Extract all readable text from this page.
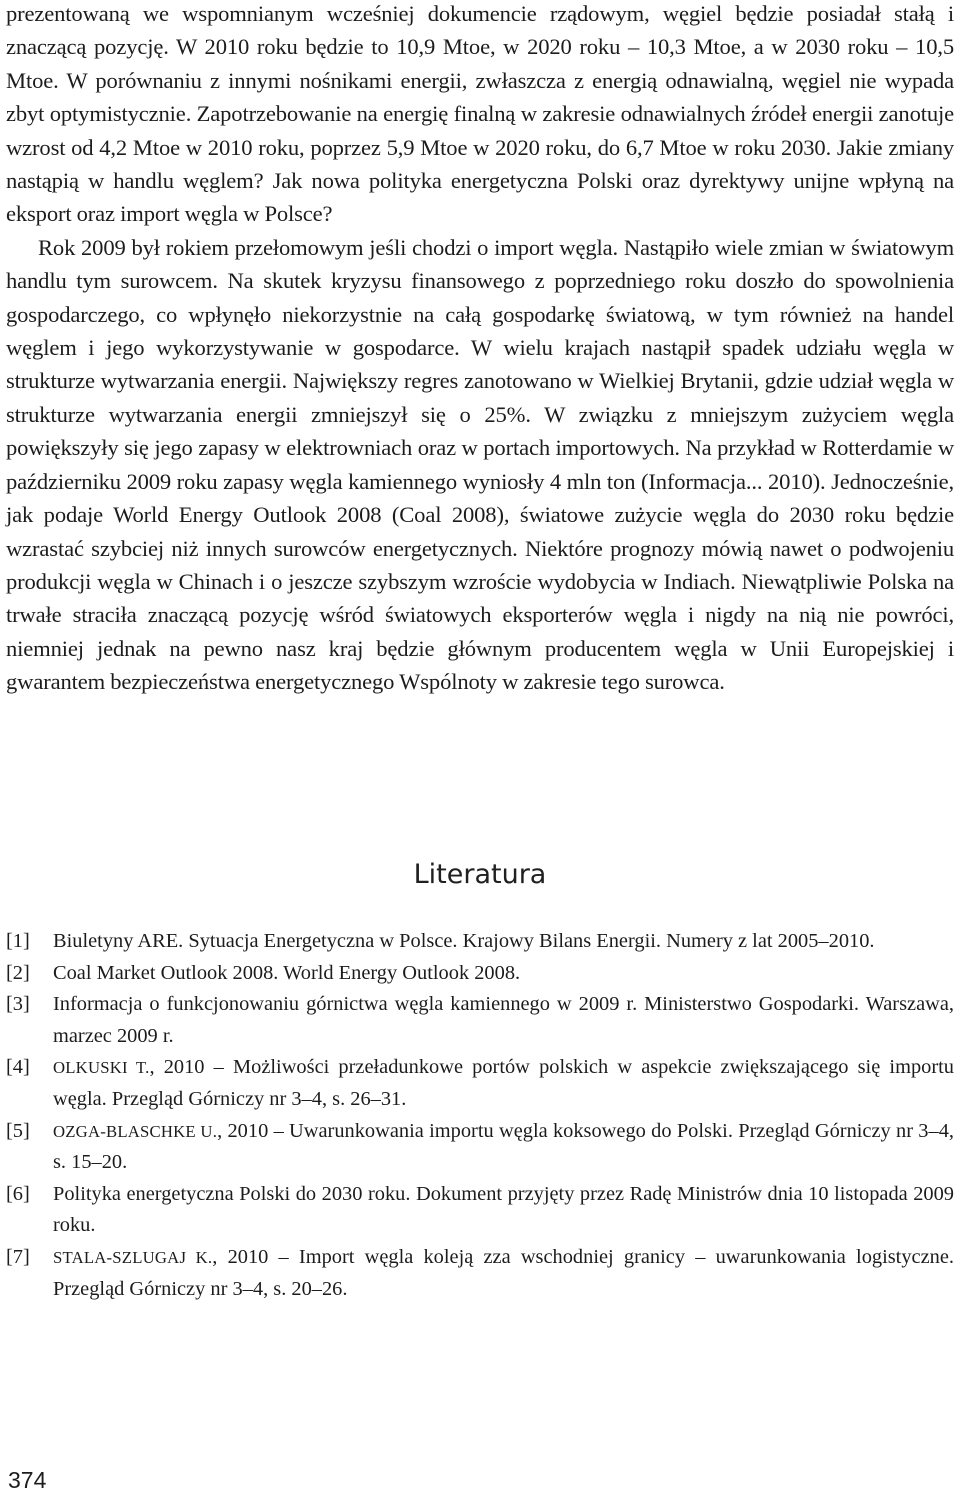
prezentowaną we wspomnianym wcześniej dokumencie rządowym, węgiel będzie posiadał stałą i znaczącą pozycję. W 2010 roku będzie to 10,9 Mtoe, w 2020 roku – 10,3 Mtoe, a w 2030 roku – 10,5 Mtoe. W porównaniu z innymi nośnikami energii, zwłaszcza z energią odnawialną, węgiel nie wypada zbyt optymistycznie. Zapotrzebowanie na energię finalną w zakresie odnawialnych źródeł energii zanotuje wzrost od 4,2 Mtoe w 2010 roku, poprzez 5,9 Mtoe w 2020 roku, do 6,7 Mtoe w roku 2030. Jakie zmiany nastąpią w handlu węglem? Jak nowa polityka energetyczna Polski oraz dyrektywy unijne wpłyną na eksport oraz import węgla w Polsce?

Rok 2009 był rokiem przełomowym jeśli chodzi o import węgla. Nastąpiło wiele zmian w światowym handlu tym surowcem. Na skutek kryzysu finansowego z poprzedniego roku doszło do spowolnienia gospodarczego, co wpłynęło niekorzystnie na całą gospodarkę światową, w tym również na handel węglem i jego wykorzystywanie w gospodarce. W wielu krajach nastąpił spadek udziału węgla w strukturze wytwarzania energii. Największy regres zanotowano w Wielkiej Brytanii, gdzie udział węgla w strukturze wytwarzania energii zmniejszył się o 25%. W związku z mniejszym zużyciem węgla powiększyły się jego zapasy w elektrowniach oraz w portach importowych. Na przykład w Rotterdamie w październiku 2009 roku zapasy węgla kamiennego wyniosły 4 mln ton (Informacja... 2010). Jednocześnie, jak podaje World Energy Outlook 2008 (Coal 2008), światowe zużycie węgla do 2030 roku będzie wzrastać szybciej niż innych surowców energetycznych. Niektóre prognozy mówią nawet o podwojeniu produkcji węgla w Chinach i o jeszcze szybszym wzroście wydobycia w Indiach. Niewątpliwie Polska na trwałe straciła znaczącą pozycję wśród światowych eksporterów węgla i nigdy na nią nie powróci, niemniej jednak na pewno nasz kraj będzie głównym producentem węgla w Unii Europejskiej i gwarantem bezpieczeństwa energetycznego Wspólnoty w zakresie tego surowca.

Literatura
[1] Biuletyny ARE. Sytuacja Energetyczna w Polsce. Krajowy Bilans Energii. Numery z lat 2005–2010.
[2] Coal Market Outlook 2008. World Energy Outlook 2008.
[3] Informacja o funkcjonowaniu górnictwa węgla kamiennego w 2009 r. Ministerstwo Gospodarki. Warszawa, marzec 2009 r.
[4] OLKUSKI T., 2010 – Możliwości przeładunkowe portów polskich w aspekcie zwiększającego się importu węgla. Przegląd Górniczy nr 3–4, s. 26–31.
[5] OZGA-BLASCHKE U., 2010 – Uwarunkowania importu węgla koksowego do Polski. Przegląd Górniczy nr 3–4, s. 15–20.
[6] Polityka energetyczna Polski do 2030 roku. Dokument przyjęty przez Radę Ministrów dnia 10 listopada 2009 roku.
[7] STALA-SZLUGAJ K., 2010 – Import węgla koleją zza wschodniej granicy – uwarunkowania logistyczne. Przegląd Górniczy nr 3–4, s. 20–26.
374
